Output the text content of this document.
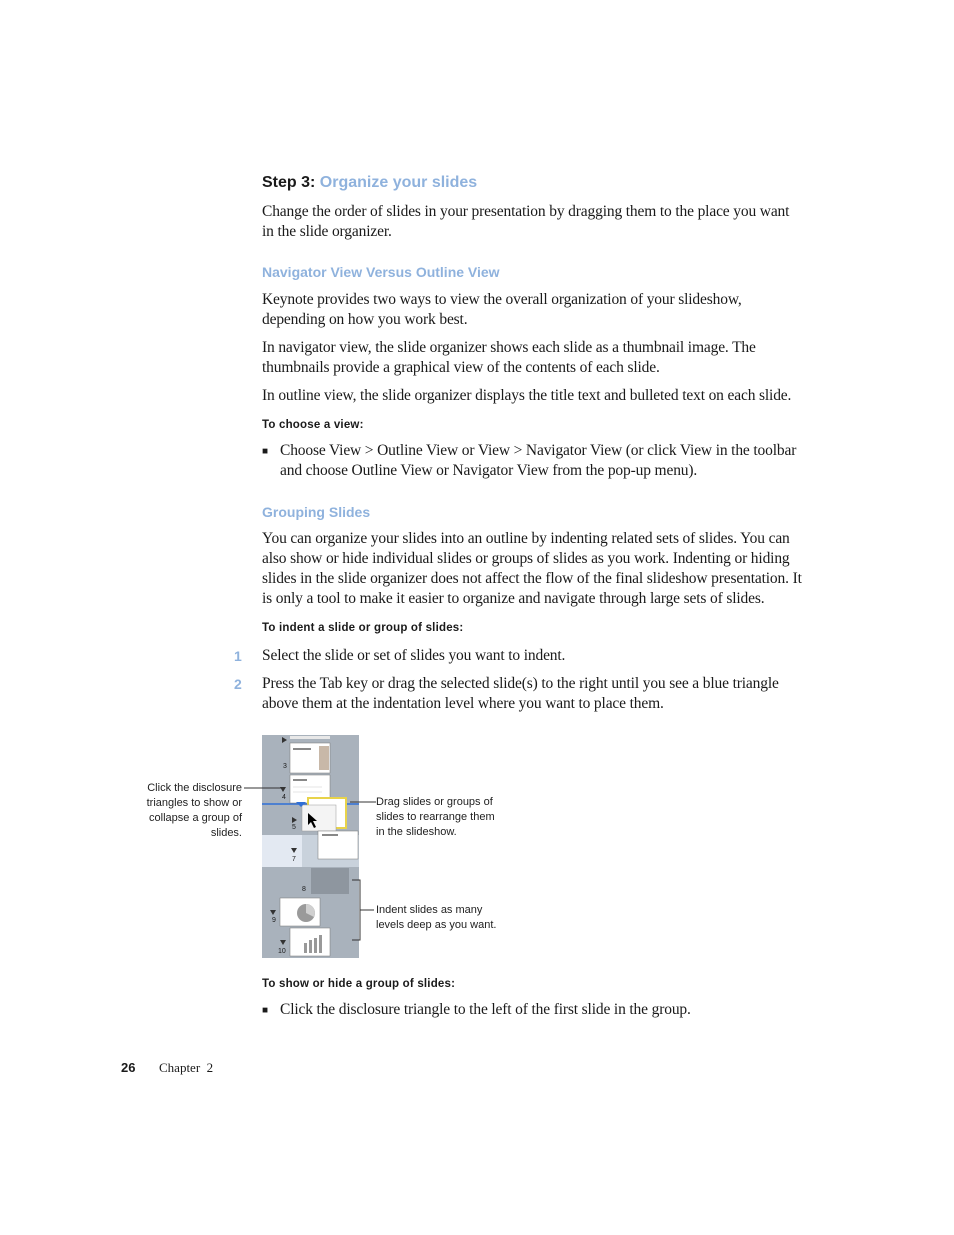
Step 3: Organize your slides
Change the order of slides in your presentation by dragging them to the place you want in the slide organizer.
Navigator View Versus Outline View
Keynote provides two ways to view the overall organization of your slideshow, depending on how you work best.
In navigator view, the slide organizer shows each slide as a thumbnail image. The thumbnails provide a graphical view of the contents of each slide.
In outline view, the slide organizer displays the title text and bulleted text on each slide.
To choose a view:
■ Choose View > Outline View or View > Navigator View (or click View in the toolbar and choose Outline View or Navigator View from the pop-up menu).
Grouping Slides
You can organize your slides into an outline by indenting related sets of slides. You can also show or hide individual slides or groups of slides as you work. Indenting or hiding slides in the slide organizer does not affect the flow of the final slideshow presentation. It is only a tool to make it easier to organize and navigate through large sets of slides.
To indent a slide or group of slides:
1 Select the slide or set of slides you want to indent.
2 Press the Tab key or drag the selected slide(s) to the right until you see a blue triangle above them at the indentation level where you want to place them.
3
4
5
7
8
9
10
Click the disclosure triangles to show or collapse a group of slides.
Drag slides or groups of slides to rearrange them in the slideshow.
Indent slides as many levels deep as you want.
To show or hide a group of slides:
■ Click the disclosure triangle to the left of the first slide in the group.
26 Chapter  2
